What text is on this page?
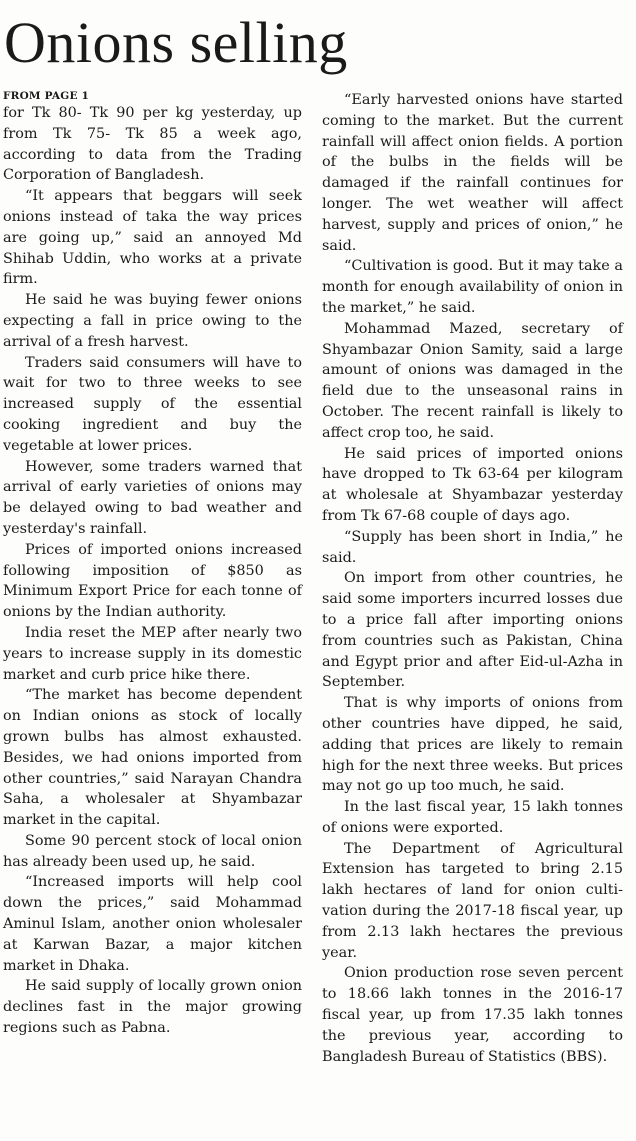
Onions selling
FROM PAGE 1

for Tk 80- Tk 90 per kg yesterday, up from Tk 75- Tk 85 a week ago, according to data from the Trading Corporation of Bangladesh.

“It appears that beggars will seek onions instead of taka the way prices are going up,” said an annoyed Md Shihab Uddin, who works at a private firm.

He said he was buying fewer onions expecting a fall in price owing to the arrival of a fresh harvest.

Traders said consumers will have to wait for two to three weeks to see increased supply of the essential cooking ingredient and buy the vegetable at lower prices.

However, some traders warned that arrival of early varieties of onions may be delayed owing to bad weather and yesterday's rainfall.

Prices of imported onions increased following imposition of $850 as Minimum Export Price for each tonne of onions by the Indian authority.

India reset the MEP after nearly two years to increase supply in its domestic market and curb price hike there.

“The market has become dependent on Indian onions as stock of locally grown bulbs has almost exhausted. Besides, we had onions imported from other countries,” said Narayan Chandra Saha, a wholesaler at Shyambazar market in the capital.

Some 90 percent stock of local onion has already been used up, he said.

“Increased imports will help cool down the prices,” said Mohammad Aminul Islam, another onion wholesaler at Karwan Bazar, a major kitchen market in Dhaka.

He said supply of locally grown onion declines fast in the major growing regions such as Pabna.

“Early harvested onions have started coming to the market. But the current rainfall will affect onion fields. A portion of the bulbs in the fields will be damaged if the rainfall continues for longer. The wet weather will affect harvest, supply and prices of onion,” he said.

“Cultivation is good. But it may take a month for enough availability of onion in the market,” he said.

Mohammad Mazed, secretary of Shyambazar Onion Samity, said a large amount of onions was damaged in the field due to the unseasonal rains in October. The recent rainfall is likely to affect crop too, he said.

He said prices of imported onions have dropped to Tk 63-64 per kilogram at wholesale at Shyambazar yesterday from Tk 67-68 couple of days ago.

“Supply has been short in India,” he said.

On import from other countries, he said some importers incurred losses due to a price fall after importing onions from countries such as Pakistan, China and Egypt prior and after Eid-ul-Azha in September.

That is why imports of onions from other countries have dipped, he said, adding that prices are likely to remain high for the next three weeks. But prices may not go up too much, he said.

In the last fiscal year, 15 lakh tonnes of onions were exported.

The Department of Agricultural Extension has targeted to bring 2.15 lakh hectares of land for onion cultivation during the 2017-18 fiscal year, up from 2.13 lakh hectares the previous year.

Onion production rose seven percent to 18.66 lakh tonnes in the 2016-17 fiscal year, up from 17.35 lakh tonnes the previous year, according to Bangladesh Bureau of Statistics (BBS).
